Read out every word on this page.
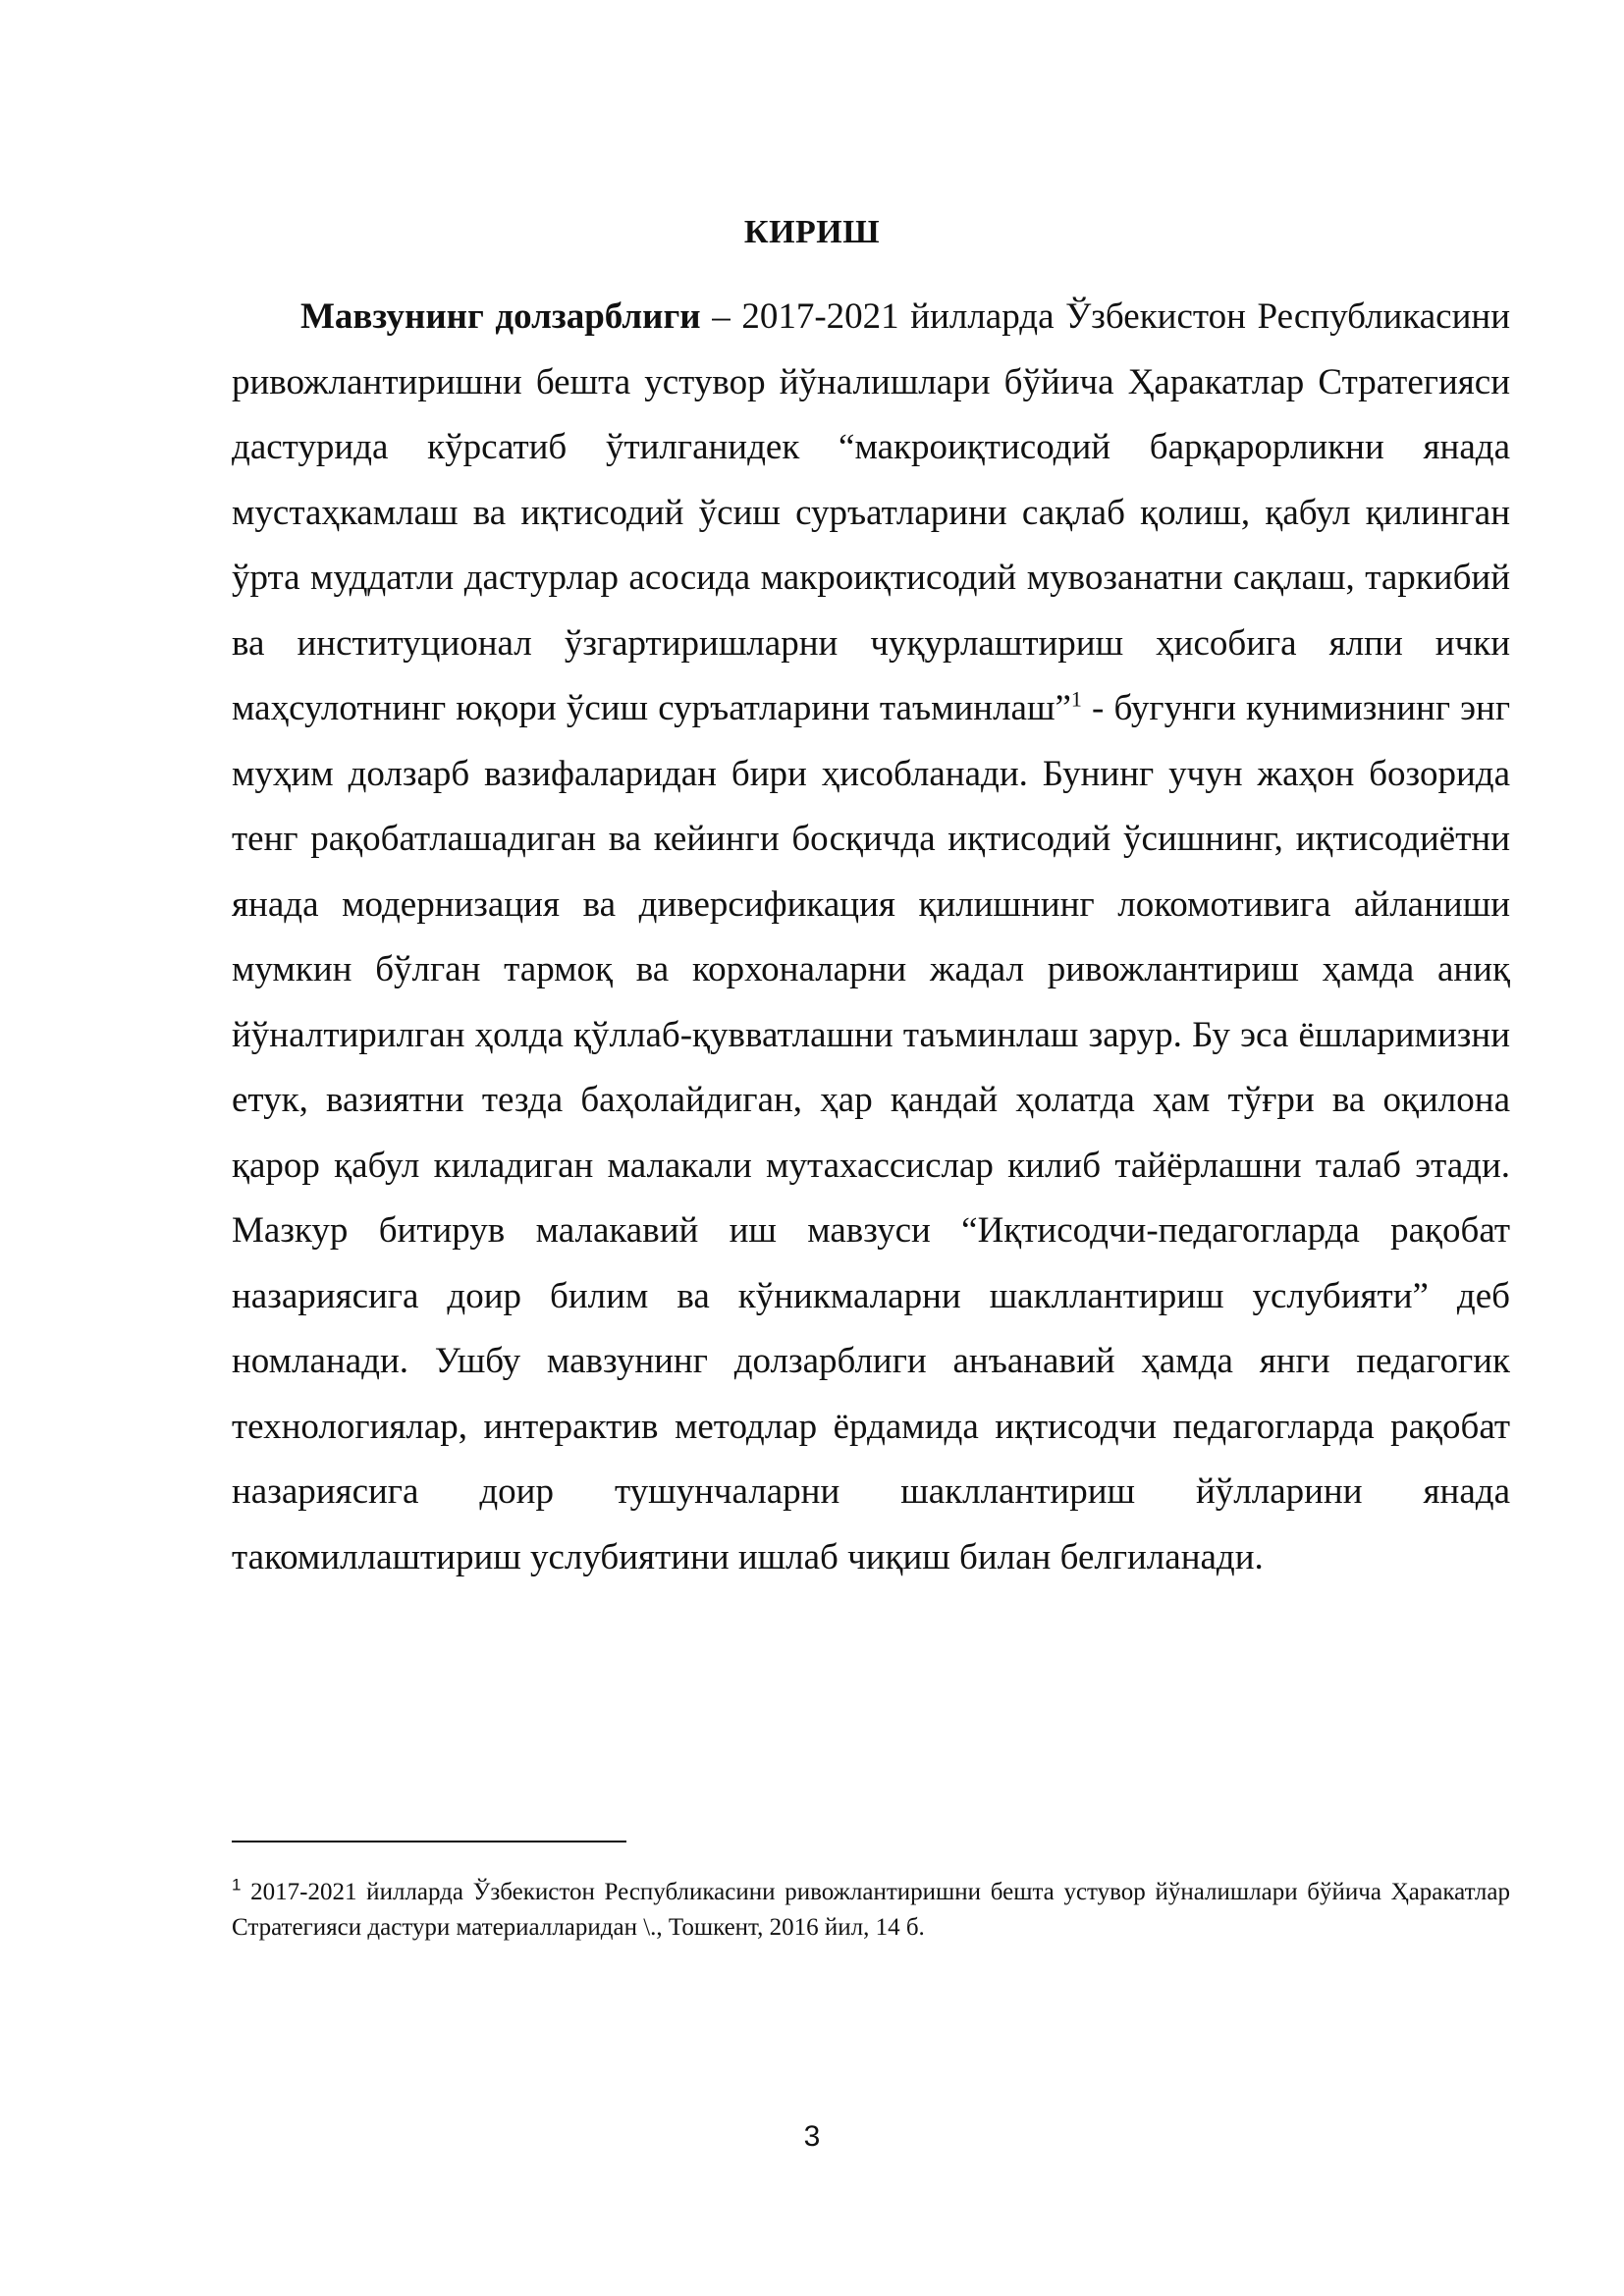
КИРИШ

Мавзунинг долзарблиги – 2017-2021 йилларда Ўзбекистон Республикасини ривожлантиришни бешта устувор йўналишлари бўйича Ҳаракатлар Стратегияси дастурида кўрсатиб ўтилганидек “макроиқтисодий барқарорликни янада мустаҳкамлаш ва иқтисодий ўсиш суръатларини сақлаб қолиш, қабул қилинган ўрта муддатли дастурлар асосида макроиқтисодий мувозанатни сақлаш, таркибий ва институционал ўзгартиришларни чуқурлаштириш ҳисобига ялпи ички маҳсулотнинг юқори ўсиш суръатларини таъминлаш”$^1$ - бугунги кунимизнинг энг муҳим долзарб вазифаларидан бири ҳисобланади. Бунинг учун жаҳон бозорида тенг рақобатлашадиган ва кейинги босқичда иқтисодий ўсишнинг, иқтисодиётни янада модернизация ва диверсификация қилишнинг локомотивига айланиши мумкин бўлган тармоқ ва корхоналарни жадал ривожлантириш ҳамда аниқ йўналтирилган ҳолда қўллаб-қувватлашни таъминлаш зарур. Бу эса ёшларимизни етук, вазиятни тезда баҳолайдиган, ҳар қандай ҳолатда ҳам тўғри ва оқилона қарор қабул киладиган малакали мутахассислар килиб тайёрлашни талаб этади. Мазкур битирув малакавий иш мавзуси “Иқтисодчи-педагогларда рақобат назариясига доир билим ва кўникмаларни шакллантириш услубияти” деб номланади. Ушбу мавзунинг долзарблиги анъанавий ҳамда янги педагогик технологиялар, интерактив методлар ёрдамида иқтисодчи педагогларда рақобат назариясига доир тушунчаларни шакллантириш йўлларини янада такомиллаштириш услубиятини ишлаб чиқиш билан белгиланади.

$^1$ 2017-2021 йилларда Ўзбекистон Республикасини ривожлантиришни бешта устувор йўналишлари бўйича Ҳаракатлар Стратегияси дастури материалларидан \., Тошкент, 2016 йил, 14 б.
3
